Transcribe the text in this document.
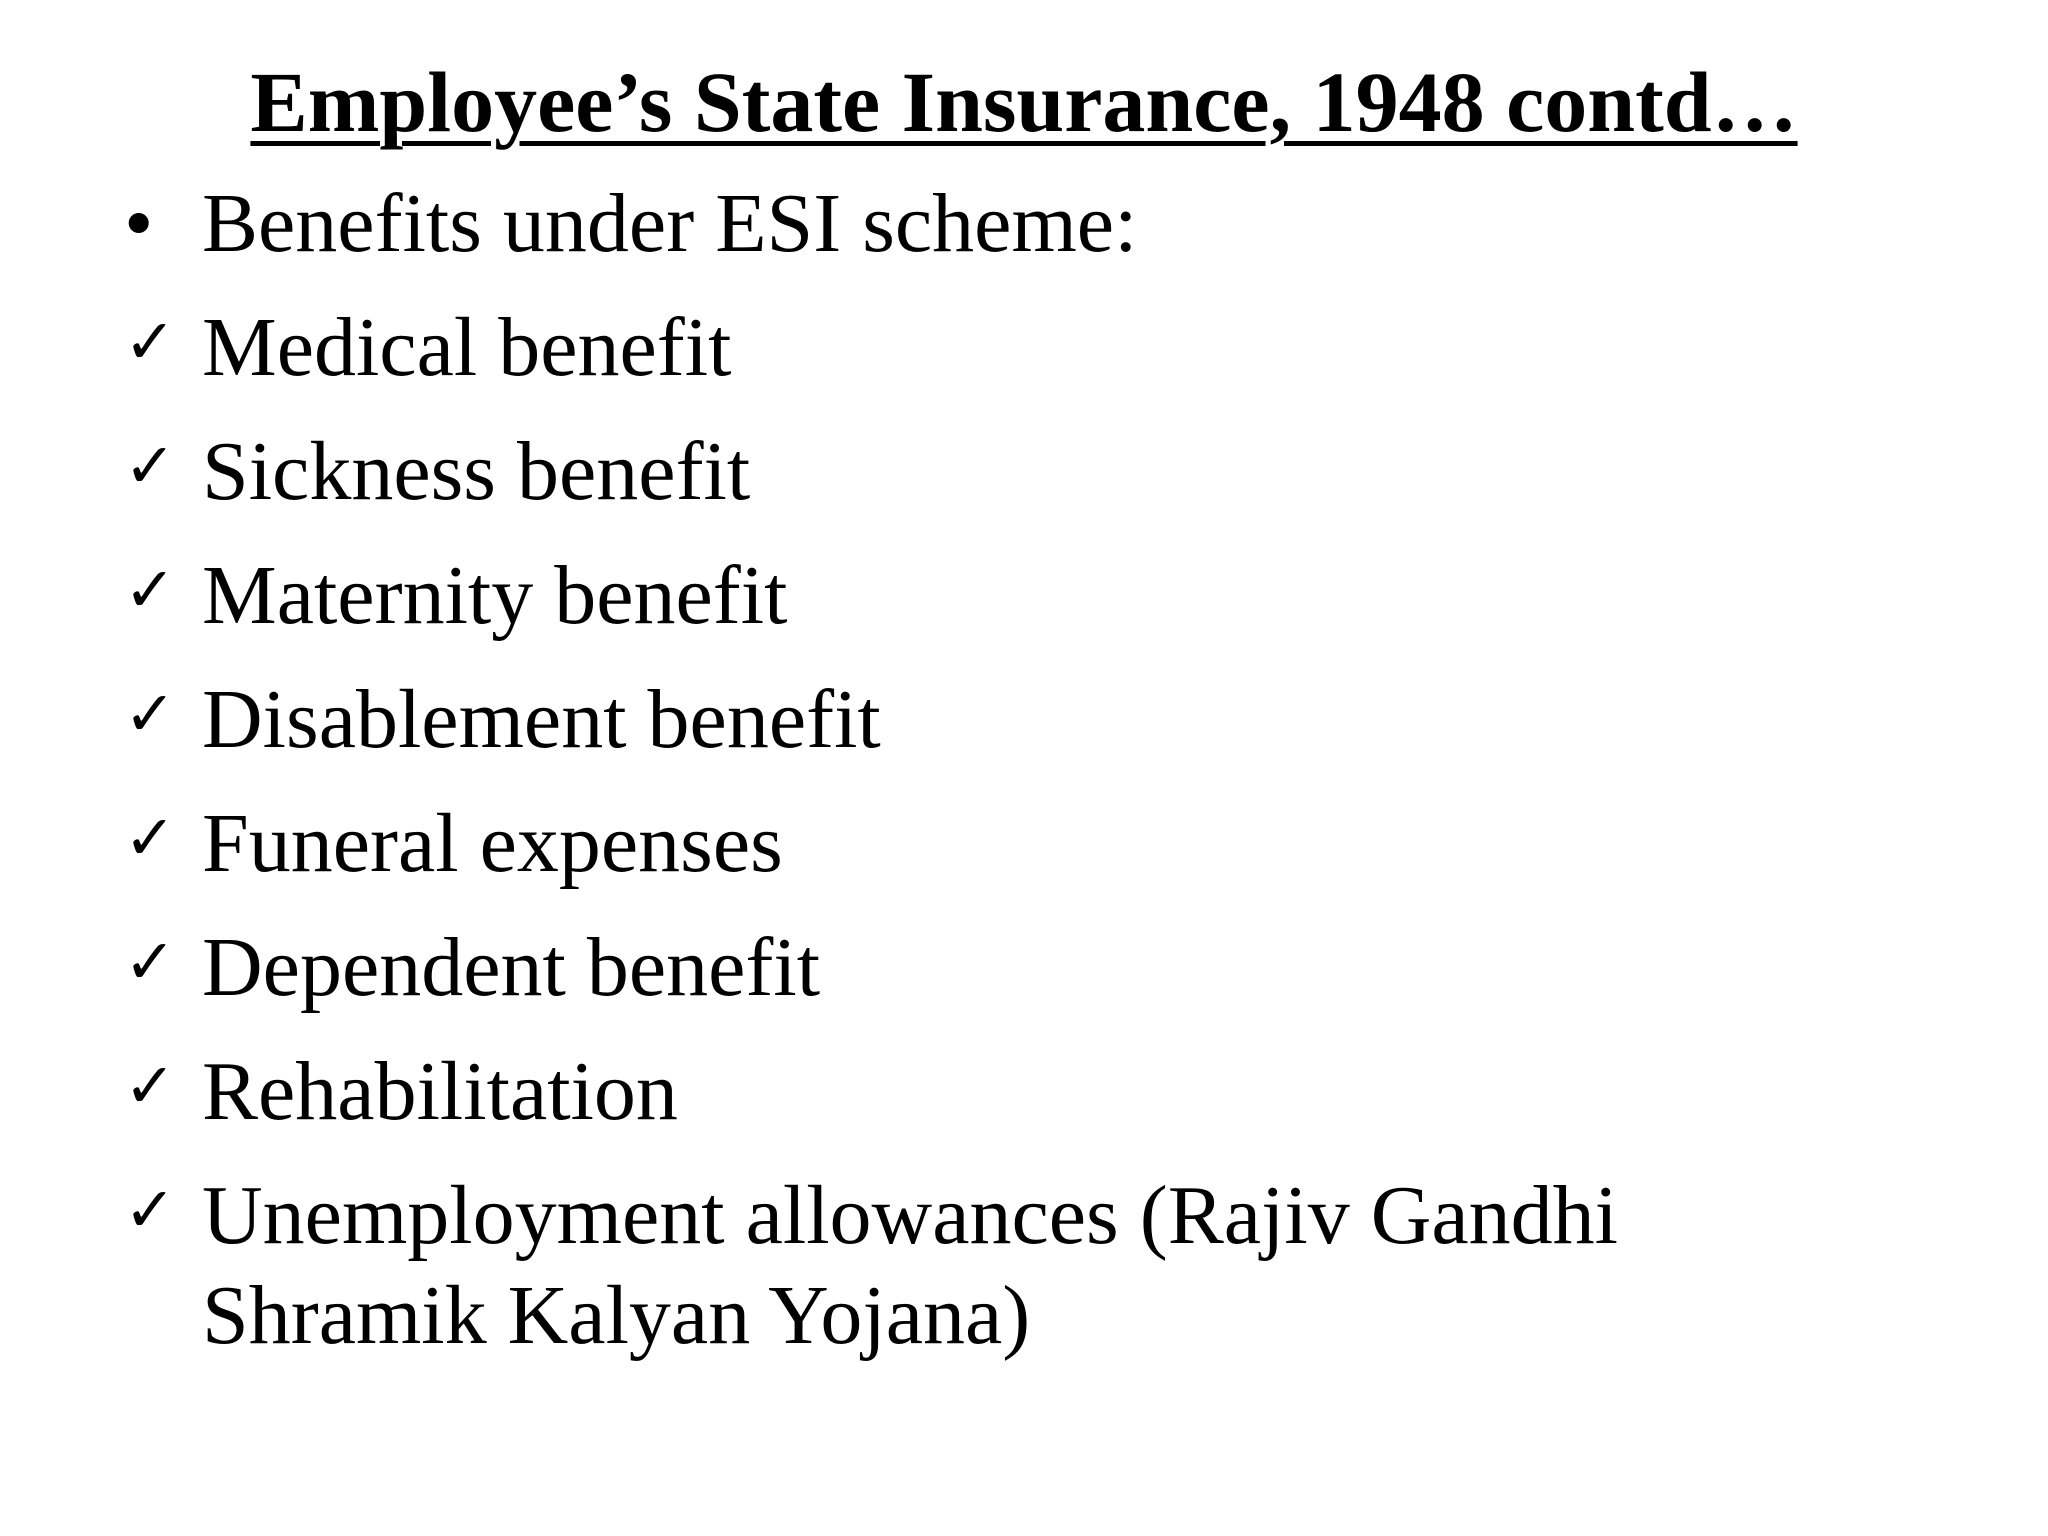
Employee’s State Insurance, 1948 contd…
• Benefits under ESI scheme:
✓ Medical benefit
✓ Sickness benefit
✓ Maternity benefit
✓ Disablement benefit
✓ Funeral expenses
✓ Dependent benefit
✓ Rehabilitation
✓ Unemployment allowances (Rajiv Gandhi Shramik Kalyan Yojana)
